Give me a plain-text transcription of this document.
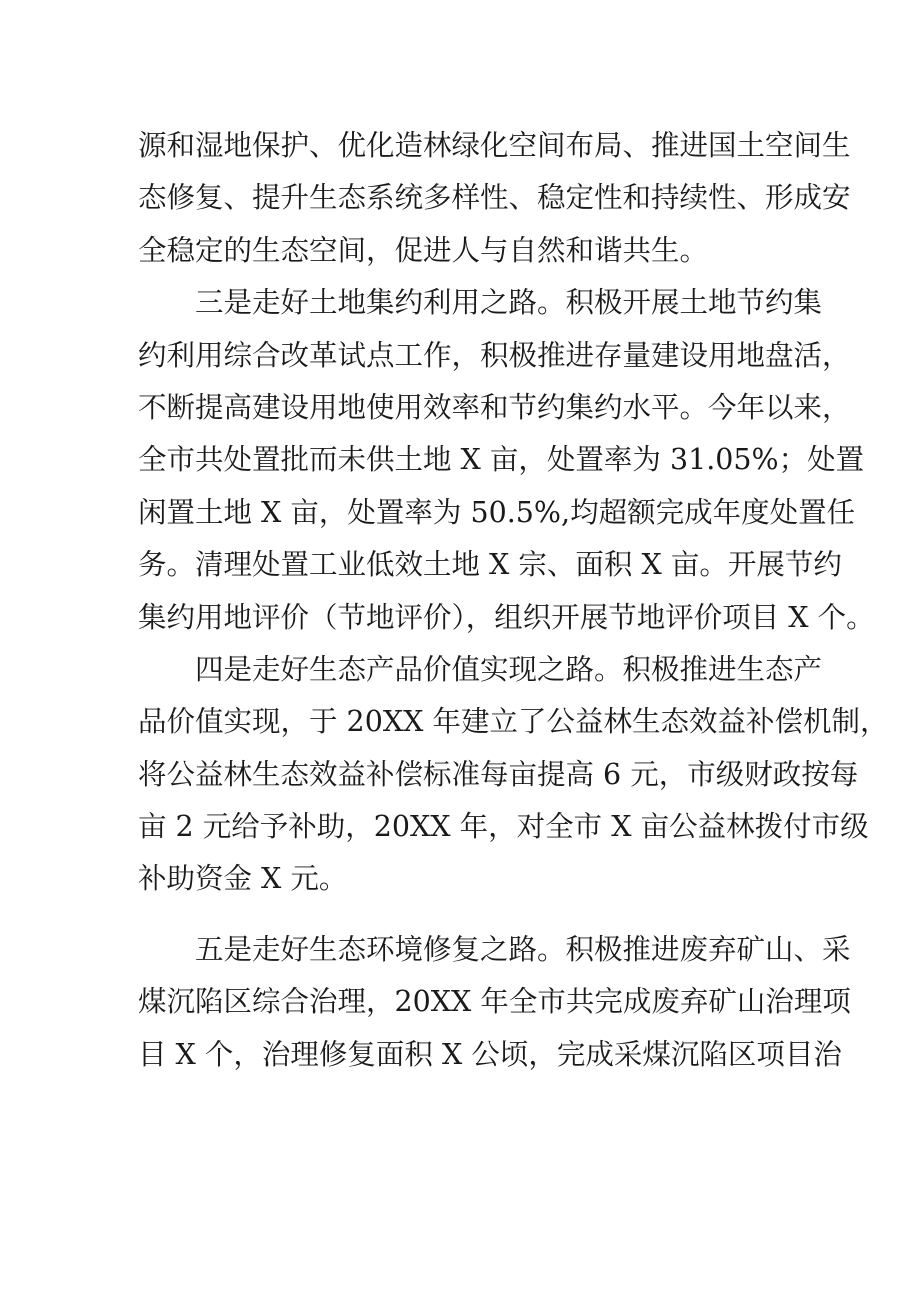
源和湿地保护、优化造林绿化空间布局、推进国土空间生
态修复、提升生态系统多样性、稳定性和持续性、形成安
全稳定的生态空间，促进人与自然和谐共生。
三是走好土地集约利用之路。积极开展土地节约集
约利用综合改革试点工作，积极推进存量建设用地盘活，
不断提高建设用地使用效率和节约集约水平。今年以来，
全市共处置批而未供土地 X 亩，处置率为 31.05%；处置
闲置土地 X 亩，处置率为 50.5%,均超额完成年度处置任
务。清理处置工业低效土地 X 宗、面积 X 亩。开展节约
集约用地评价（节地评价），组织开展节地评价项目 X 个。
四是走好生态产品价值实现之路。积极推进生态产
品价值实现，于 20XX 年建立了公益林生态效益补偿机制，
将公益林生态效益补偿标准每亩提高 6 元，市级财政按每
亩 2 元给予补助，20XX 年，对全市 X 亩公益林拨付市级
补助资金 X 元。
五是走好生态环境修复之路。积极推进废弃矿山、采
煤沉陷区综合治理，20XX 年全市共完成废弃矿山治理项
目 X 个，治理修复面积 X 公顷，完成采煤沉陷区项目治
